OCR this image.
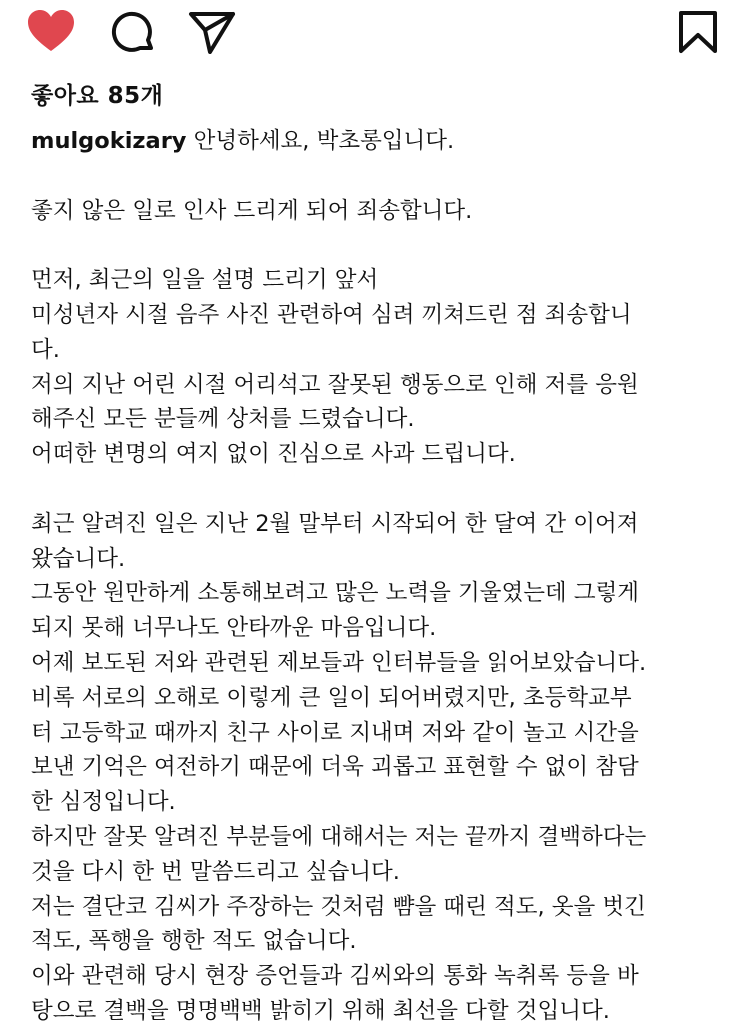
좋아요 85개
mulgokizary 안녕하세요, 박초롱입니다.

좋지 않은 일로 인사 드리게 되어 죄송합니다.

먼저, 최근의 일을 설명 드리기 앞서
미성년자 시절 음주 사진 관련하여 심려 끼쳐드린 점 죄송합니
다.
저의 지난 어린 시절 어리석고 잘못된 행동으로 인해 저를 응원
해주신 모든 분들께 상처를 드렸습니다.
어떠한 변명의 여지 없이 진심으로 사과 드립니다.

최근 알려진 일은 지난 2월 말부터 시작되어 한 달여 간 이어져
왔습니다.
그동안 원만하게 소통해보려고 많은 노력을 기울였는데 그렇게
되지 못해 너무나도 안타까운 마음입니다.
어제 보도된 저와 관련된 제보들과 인터뷰들을 읽어보았습니다.
비록 서로의 오해로 이렇게 큰 일이 되어버렸지만, 초등학교부
터 고등학교 때까지 친구 사이로 지내며 저와 같이 놀고 시간을
보낸 기억은 여전하기 때문에 더욱 괴롭고 표현할 수 없이 참담
한 심정입니다.
하지만 잘못 알려진 부분들에 대해서는 저는 끝까지 결백하다는
것을 다시 한 번 말씀드리고 싶습니다.
저는 결단코 김씨가 주장하는 것처럼 뺨을 때린 적도, 옷을 벗긴
적도, 폭행을 행한 적도 없습니다.
이와 관련해 당시 현장 증언들과 김씨와의 통화 녹취록 등을 바
탕으로 결백을 명명백백 밝히기 위해 최선을 다할 것입니다.
